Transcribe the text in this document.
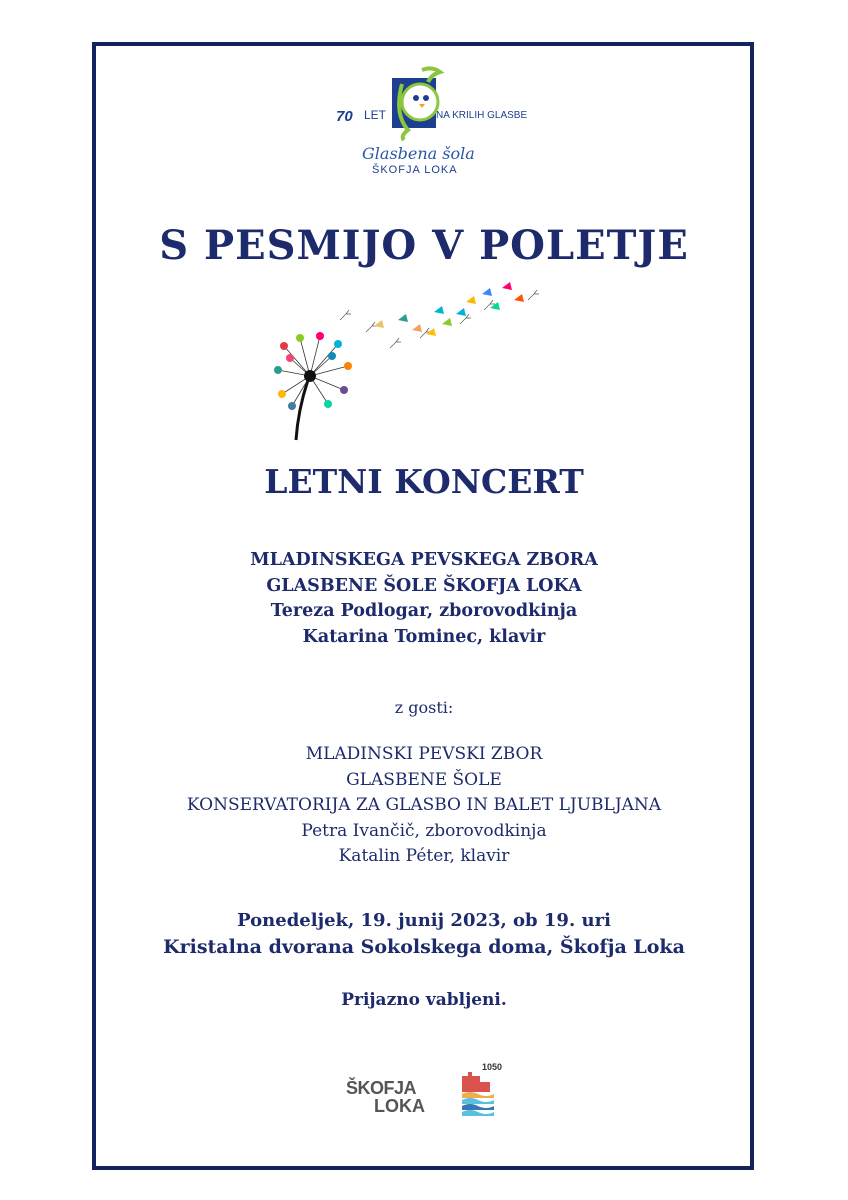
70 LET	NA KRILIH GLASBE
Glasbena šola
ŠKOFJA LOKA
S PESMIJO V POLETJE
LETNI KONCERT
MLADINSKEGA PEVSKEGA ZBORA
GLASBENE ŠOLE ŠKOFJA LOKA
Tereza Podlogar, zborovodkinja
Katarina Tominec, klavir
z gosti:
MLADINSKI PEVSKI ZBOR
GLASBENE ŠOLE
KONSERVATORIJA ZA GLASBO IN BALET LJUBLJANA
Petra Ivančič, zborovodkinja
Katalin Péter, klavir
Ponedeljek, 19. junij 2023, ob 19. uri
Kristalna dvorana Sokolskega doma, Škofja Loka
Prijazno vabljeni.
ŠKOFJA
LOKA
1050
